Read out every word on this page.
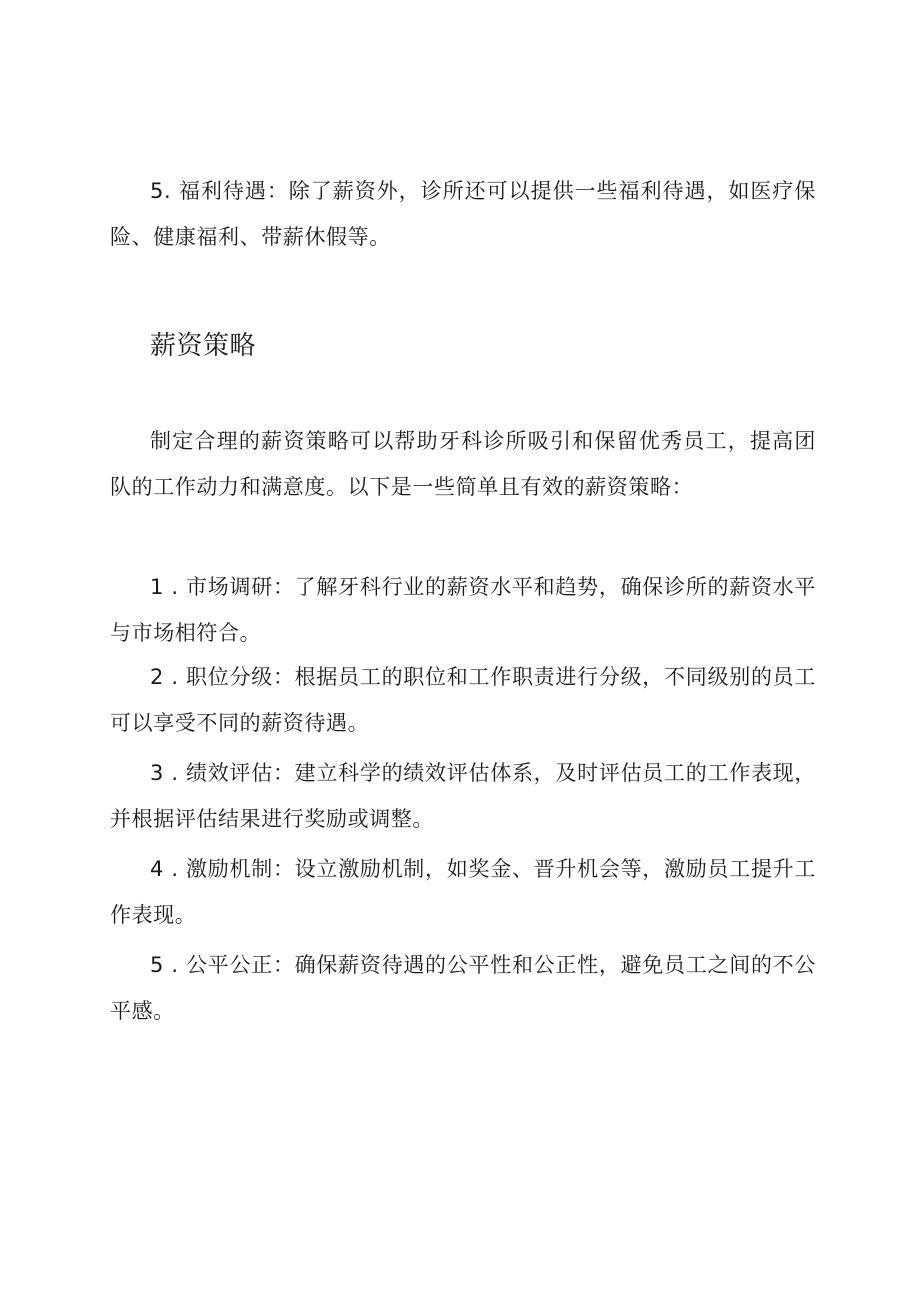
5. 福利待遇：除了薪资外，诊所还可以提供一些福利待遇，如医疗保险、健康福利、带薪休假等。

薪资策略

制定合理的薪资策略可以帮助牙科诊所吸引和保留优秀员工，提高团队的工作动力和满意度。以下是一些简单且有效的薪资策略：

1 . 市场调研：了解牙科行业的薪资水平和趋势，确保诊所的薪资水平与市场相符合。

2 . 职位分级：根据员工的职位和工作职责进行分级，不同级别的员工可以享受不同的薪资待遇。

3 . 绩效评估：建立科学的绩效评估体系，及时评估员工的工作表现，并根据评估结果进行奖励或调整。

4 . 激励机制：设立激励机制，如奖金、晋升机会等，激励员工提升工作表现。

5 . 公平公正：确保薪资待遇的公平性和公正性，避免员工之间的不公平感。
